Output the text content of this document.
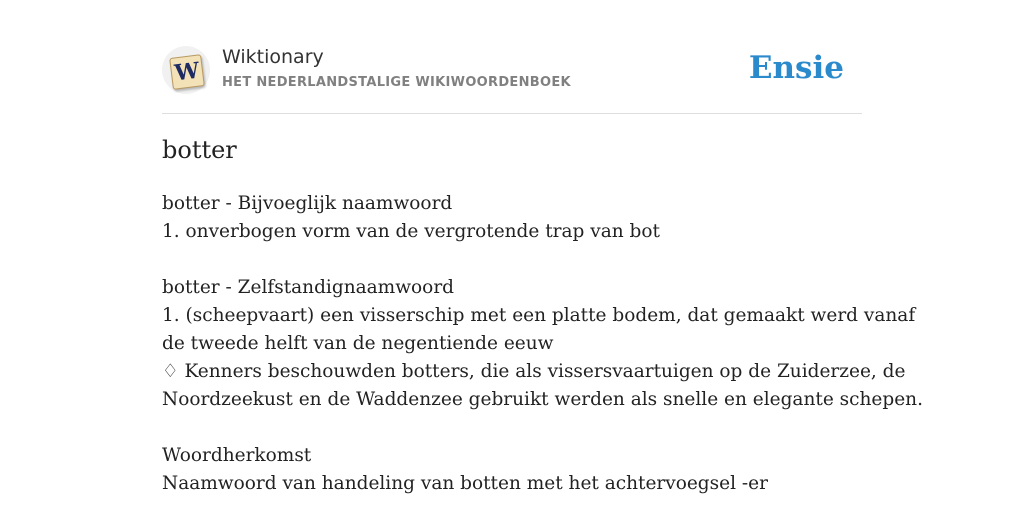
W
Wiktionary
HET NEDERLANDSTALIGE WIKIWOORDENBOEK	Ensie
botter
botter - Bijvoeglijk naamwoord
1. onverbogen vorm van de vergrotende trap van bot
botter - Zelfstandignaamwoord
1. (scheepvaart) een visserschip met een platte bodem, dat gemaakt werd vanaf
de tweede helft van de negentiende eeuw
♢ Kenners beschouwden botters, die als vissersvaartuigen op de Zuiderzee, de
Noordzeekust en de Waddenzee gebruikt werden als snelle en elegante schepen.
Woordherkomst
Naamwoord van handeling van botten met het achtervoegsel -er
